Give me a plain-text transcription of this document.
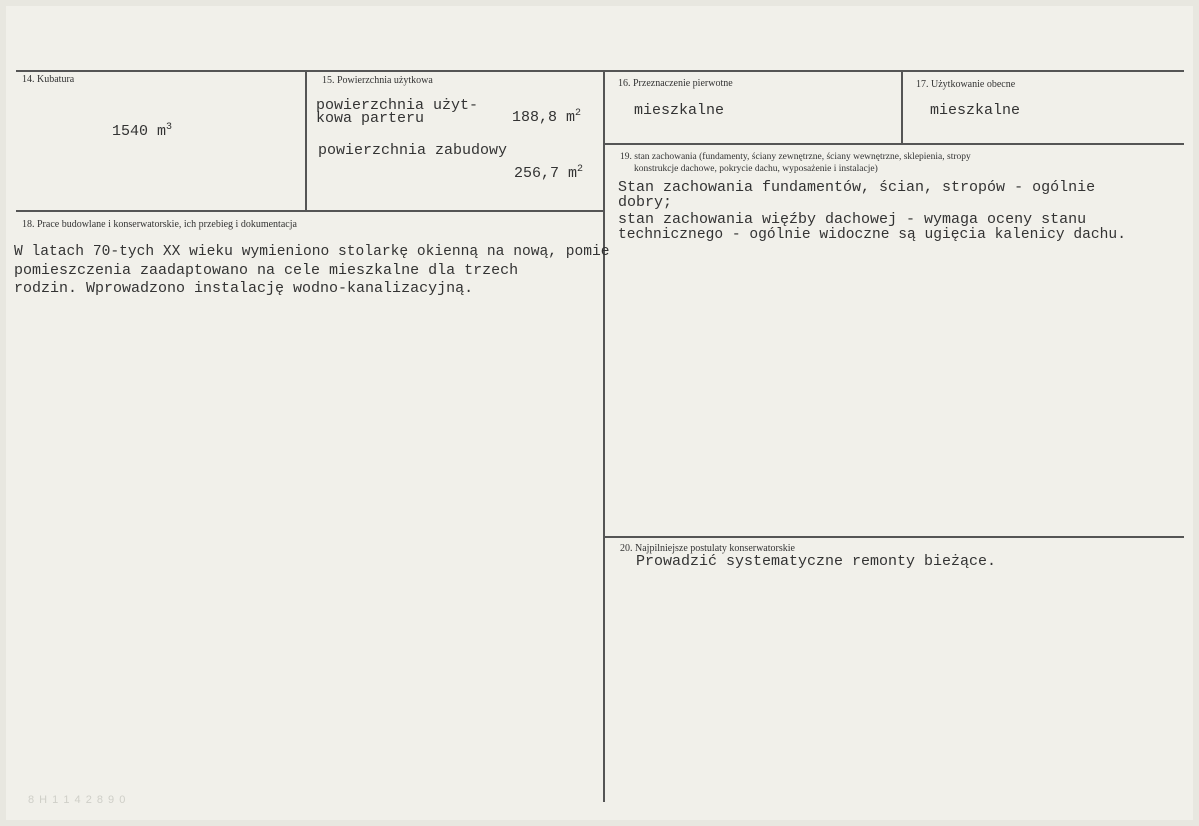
14. Kubatura
1540 $m^3$
15. Powierzchnia użytkowa
powierzchnia użyt-
kowa parteru	188,8 $m^2$
powierzchnia zabudowy
256,7 $m^2$
16. Przeznaczenie pierwotne
mieszkalne
17. Użytkowanie obecne
mieszkalne
18. Prace budowlane i konserwatorskie, ich przebieg i dokumentacja
W latach 70-tych XX wieku wymieniono stolarkę okienną na nową, pomie
pomieszczenia zaadaptowano na cele mieszkalne dla trzech
rodzin. Wprowadzono instalację wodno-kanalizacyjną.
19. stan zachowania (fundamenty, ściany zewnętrzne, ściany wewnętrzne, sklepienia, stropy
konstrukcje dachowe, pokrycie dachu, wyposażenie i instalacje)
Stan zachowania fundamentów, ścian, stropów - ogólnie
dobry;
stan zachowania więźby dachowej - wymaga oceny stanu
technicznego - ogólnie widoczne są ugięcia kalenicy dachu.
20. Najpilniejsze postulaty konserwatorskie
Prowadzić systematyczne remonty bieżące.
8 H 1 1 4 2 8 9 0
